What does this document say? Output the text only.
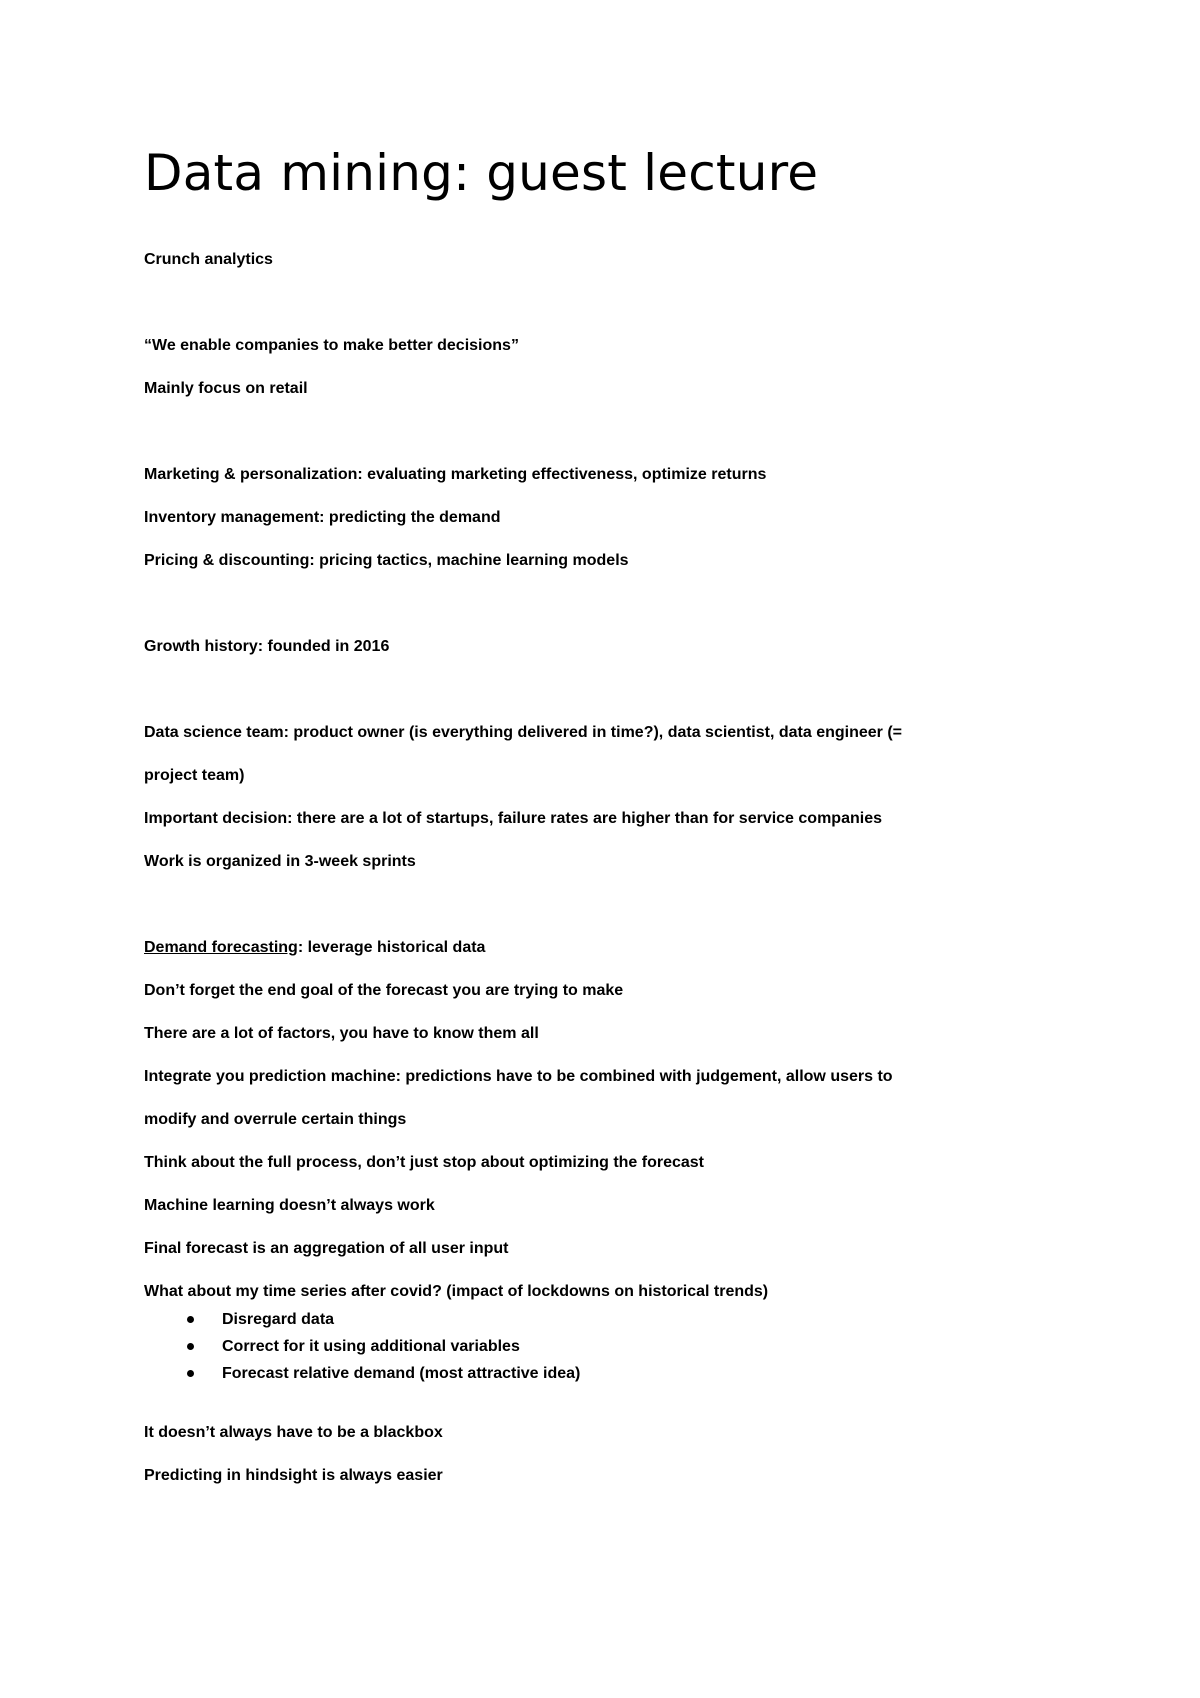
Data mining: guest lecture

Crunch analytics

“We enable companies to make better decisions”

Mainly focus on retail

Marketing & personalization: evaluating marketing effectiveness, optimize returns

Inventory management: predicting the demand

Pricing & discounting: pricing tactics, machine learning models

Growth history: founded in 2016

Data science team: product owner (is everything delivered in time?), data scientist, data engineer (=

project team)

Important decision: there are a lot of startups, failure rates are higher than for service companies

Work is organized in 3-week sprints

Demand forecasting: leverage historical data

Don’t forget the end goal of the forecast you are trying to make

There are a lot of factors, you have to know them all

Integrate you prediction machine: predictions have to be combined with judgement, allow users to

modify and overrule certain things

Think about the full process, don’t just stop about optimizing the forecast

Machine learning doesn’t always work

Final forecast is an aggregation of all user input

What about my time series after covid? (impact of lockdowns on historical trends)

Disregard data
Correct for it using additional variables
Forecast relative demand (most attractive idea)

It doesn’t always have to be a blackbox

Predicting in hindsight is always easier
